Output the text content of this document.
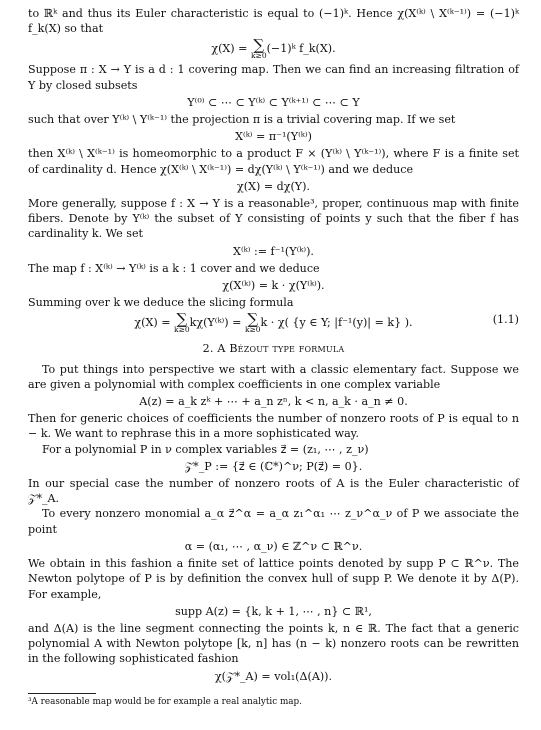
to ℝᵏ and thus its Euler characteristic is equal to (−1)ᵏ. Hence χ(X⁽ᵏ⁾ \ X⁽ᵏ⁻¹⁾) = (−1)ᵏ f_k(X) so that

χ(X) = ∑
k≥0
(−1)ᵏ f_k(X).

Suppose π : X → Y is a d : 1 covering map. Then we can find an increasing filtration of Y by closed subsets

Y⁽⁰⁾ ⊂ ⋯ ⊂ Y⁽ᵏ⁾ ⊂ Y⁽ᵏ⁺¹⁾ ⊂ ⋯ ⊂ Y

such that over Y⁽ᵏ⁾ \ Y⁽ᵏ⁻¹⁾ the projection π is a trivial covering map. If we set

X⁽ᵏ⁾ = π⁻¹(Y⁽ᵏ⁾)

then X⁽ᵏ⁾ \ X⁽ᵏ⁻¹⁾ is homeomorphic to a product F × (Y⁽ᵏ⁾ \ Y⁽ᵏ⁻¹⁾), where F is a finite set of cardinality d. Hence χ(X⁽ᵏ⁾ \ X⁽ᵏ⁻¹⁾) = dχ(Y⁽ᵏ⁾ \ Y⁽ᵏ⁻¹⁾) and we deduce

χ(X) = dχ(Y).

More generally, suppose f : X → Y is a reasonable³, proper, continuous map with finite fibers. Denote by Y⁽ᵏ⁾ the subset of Y consisting of points y such that the fiber f has cardinality k. We set

X⁽ᵏ⁾ := f⁻¹(Y⁽ᵏ⁾).

The map f : X⁽ᵏ⁾ → Y⁽ᵏ⁾ is a k : 1 cover and we deduce

χ(X⁽ᵏ⁾) = k · χ(Y⁽ᵏ⁾).

Summing over k we deduce the slicing formula

χ(X) = ∑
k≥0
kχ(Y⁽ᵏ⁾) = ∑
k≥0
k · χ( {y ∈ Y; |f⁻¹(y)| = k} ).	(1.1)
2. A Bézout type formula

To put things into perspective we start with a classic elementary fact. Suppose we are given a polynomial with complex coefficients in one complex variable

A(z) = a_k zᵏ + ⋯ + a_n zⁿ, k < n, a_k · a_n ≠ 0.

Then for generic choices of coefficients the number of nonzero roots of P is equal to n − k. We want to rephrase this in a more sophisticated way.

For a polynomial P in ν complex variables z⃗ = (z₁, ⋯ , z_ν)

𝒵*_P := {z⃗ ∈ (ℂ*)^ν; P(z⃗) = 0}.

In our special case the number of nonzero roots of A is the Euler characteristic of 𝒵*_A.

To every nonzero monomial a_α z⃗^α = a_α z₁^α₁ ⋯ z_ν^α_ν of P we associate the point

α = (α₁, ⋯ , α_ν) ∈ ℤ^ν ⊂ ℝ^ν.

We obtain in this fashion a finite set of lattice points denoted by supp P ⊂ ℝ^ν. The Newton polytope of P is by definition the convex hull of supp P. We denote it by Δ(P). For example,

supp A(z) = {k, k + 1, ⋯ , n} ⊂ ℝ¹,

and Δ(A) is the line segment connecting the points k, n ∈ ℝ. The fact that a generic polynomial A with Newton polytope [k, n] has (n − k) nonzero roots can be rewritten in the following sophisticated fashion

χ(𝒵*_A) = vol₁(Δ(A)).

³A reasonable map would be for example a real analytic map.
